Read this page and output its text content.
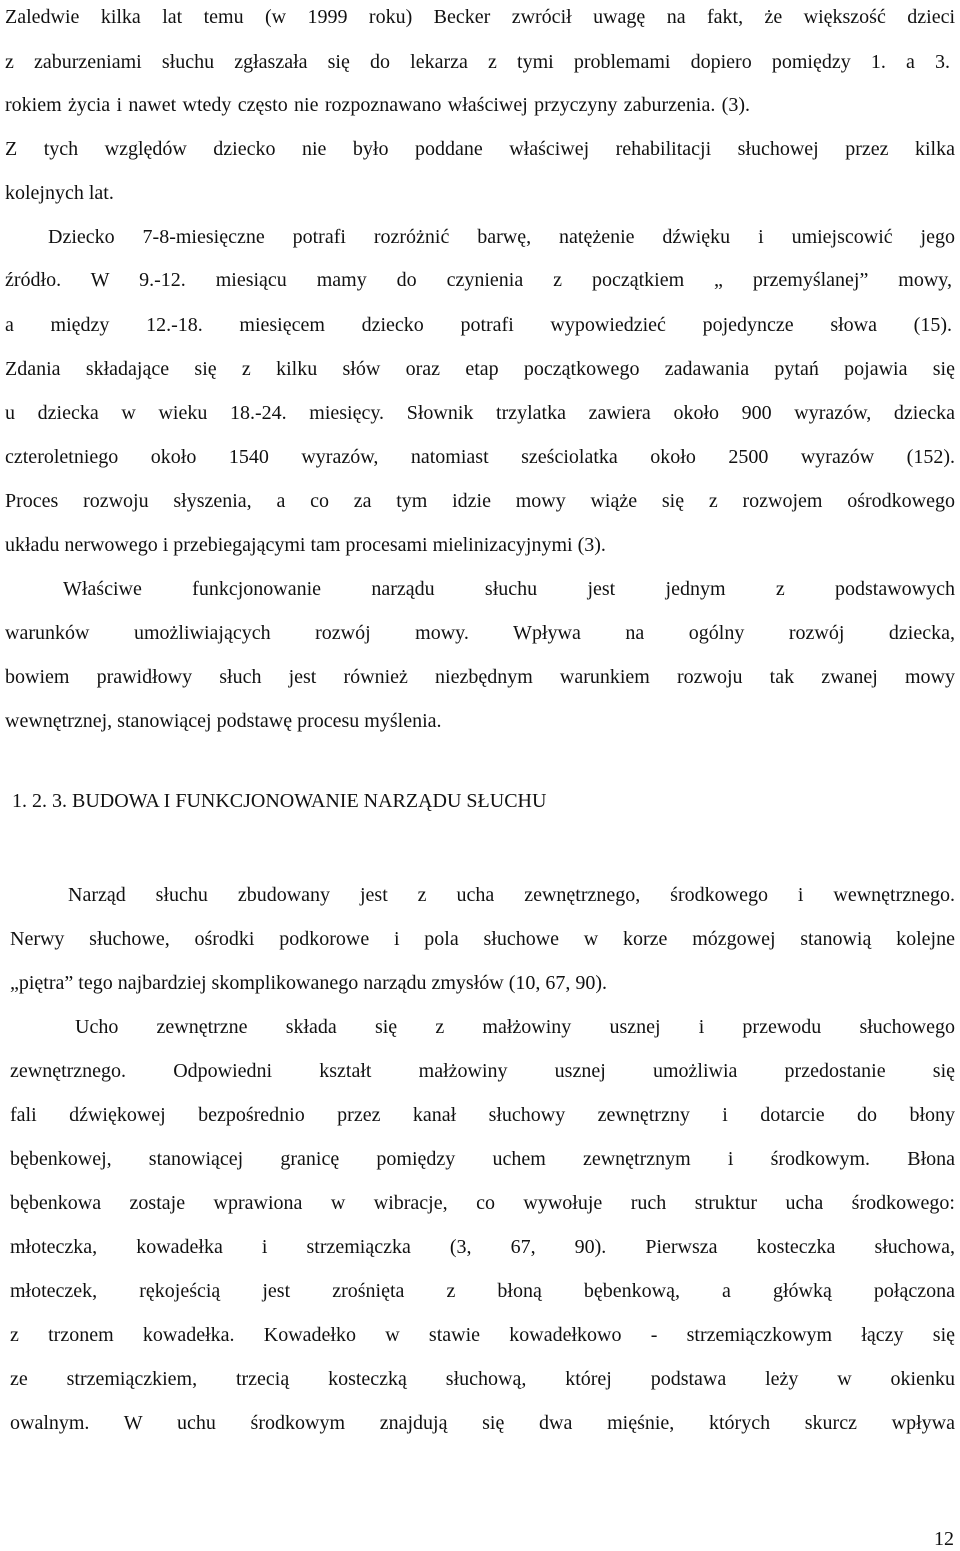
Zaledwie kilka lat temu (w 1999 roku) Becker zwrócił uwagę na fakt, że większość dzieci
z zaburzeniami słuchu zgłaszała się do lekarza z tymi problemami dopiero pomiędzy 1. a 3.
rokiem życia i nawet wtedy często nie rozpoznawano właściwej przyczyny zaburzenia. (3).
Z tych względów dziecko nie było poddane właściwej rehabilitacji słuchowej przez kilka
kolejnych lat.
Dziecko 7-8-miesięczne potrafi rozróżnić barwę, natężenie dźwięku i umiejscowić jego
źródło. W 9.-12. miesiącu mamy do czynienia z początkiem „ przemyślanej” mowy,
a między 12.-18. miesięcem dziecko potrafi wypowiedzieć pojedyncze słowa (15).
Zdania składające się z kilku słów oraz etap początkowego zadawania pytań pojawia się
u dziecka w wieku 18.-24. miesięcy. Słownik trzylatka zawiera około 900 wyrazów, dziecka
czteroletniego około 1540 wyrazów, natomiast sześciolatka około 2500 wyrazów (152).
Proces rozwoju słyszenia, a co za tym idzie mowy wiąże się z rozwojem ośrodkowego
układu nerwowego i przebiegającymi tam procesami mielinizacyjnymi (3).
Właściwe funkcjonowanie narządu słuchu jest jednym z podstawowych
warunków umożliwiających rozwój mowy. Wpływa na ogólny rozwój dziecka,
bowiem prawidłowy słuch jest również niezbędnym warunkiem rozwoju tak zwanej mowy
wewnętrznej, stanowiącej podstawę procesu myślenia.
1. 2. 3. BUDOWA I FUNKCJONOWANIE NARZĄDU SŁUCHU
Narząd słuchu zbudowany jest z ucha zewnętrznego, środkowego i wewnętrznego.
Nerwy słuchowe, ośrodki podkorowe i pola słuchowe w korze mózgowej stanowią kolejne
„piętra” tego najbardziej skomplikowanego narządu zmysłów (10, 67, 90).
Ucho zewnętrzne składa się z małżowiny usznej i przewodu słuchowego
zewnętrznego. Odpowiedni kształt małżowiny usznej umożliwia przedostanie się
fali dźwiękowej bezpośrednio przez kanał słuchowy zewnętrzny i dotarcie do błony
bębenkowej, stanowiącej granicę pomiędzy uchem zewnętrznym i środkowym. Błona
bębenkowa zostaje wprawiona w wibracje, co wywołuje ruch struktur ucha środkowego:
młoteczka, kowadełka i strzemiączka (3, 67, 90). Pierwsza kosteczka słuchowa,
młoteczek, rękojeścią jest zrośnięta z błoną bębenkową, a główką połączona
z trzonem kowadełka. Kowadełko w stawie kowadełkowo - strzemiączkowym łączy się
ze strzemiączkiem, trzecią kosteczką słuchową, której podstawa leży w okienku
owalnym. W uchu środkowym znajdują się dwa mięśnie, których skurcz wpływa
12
